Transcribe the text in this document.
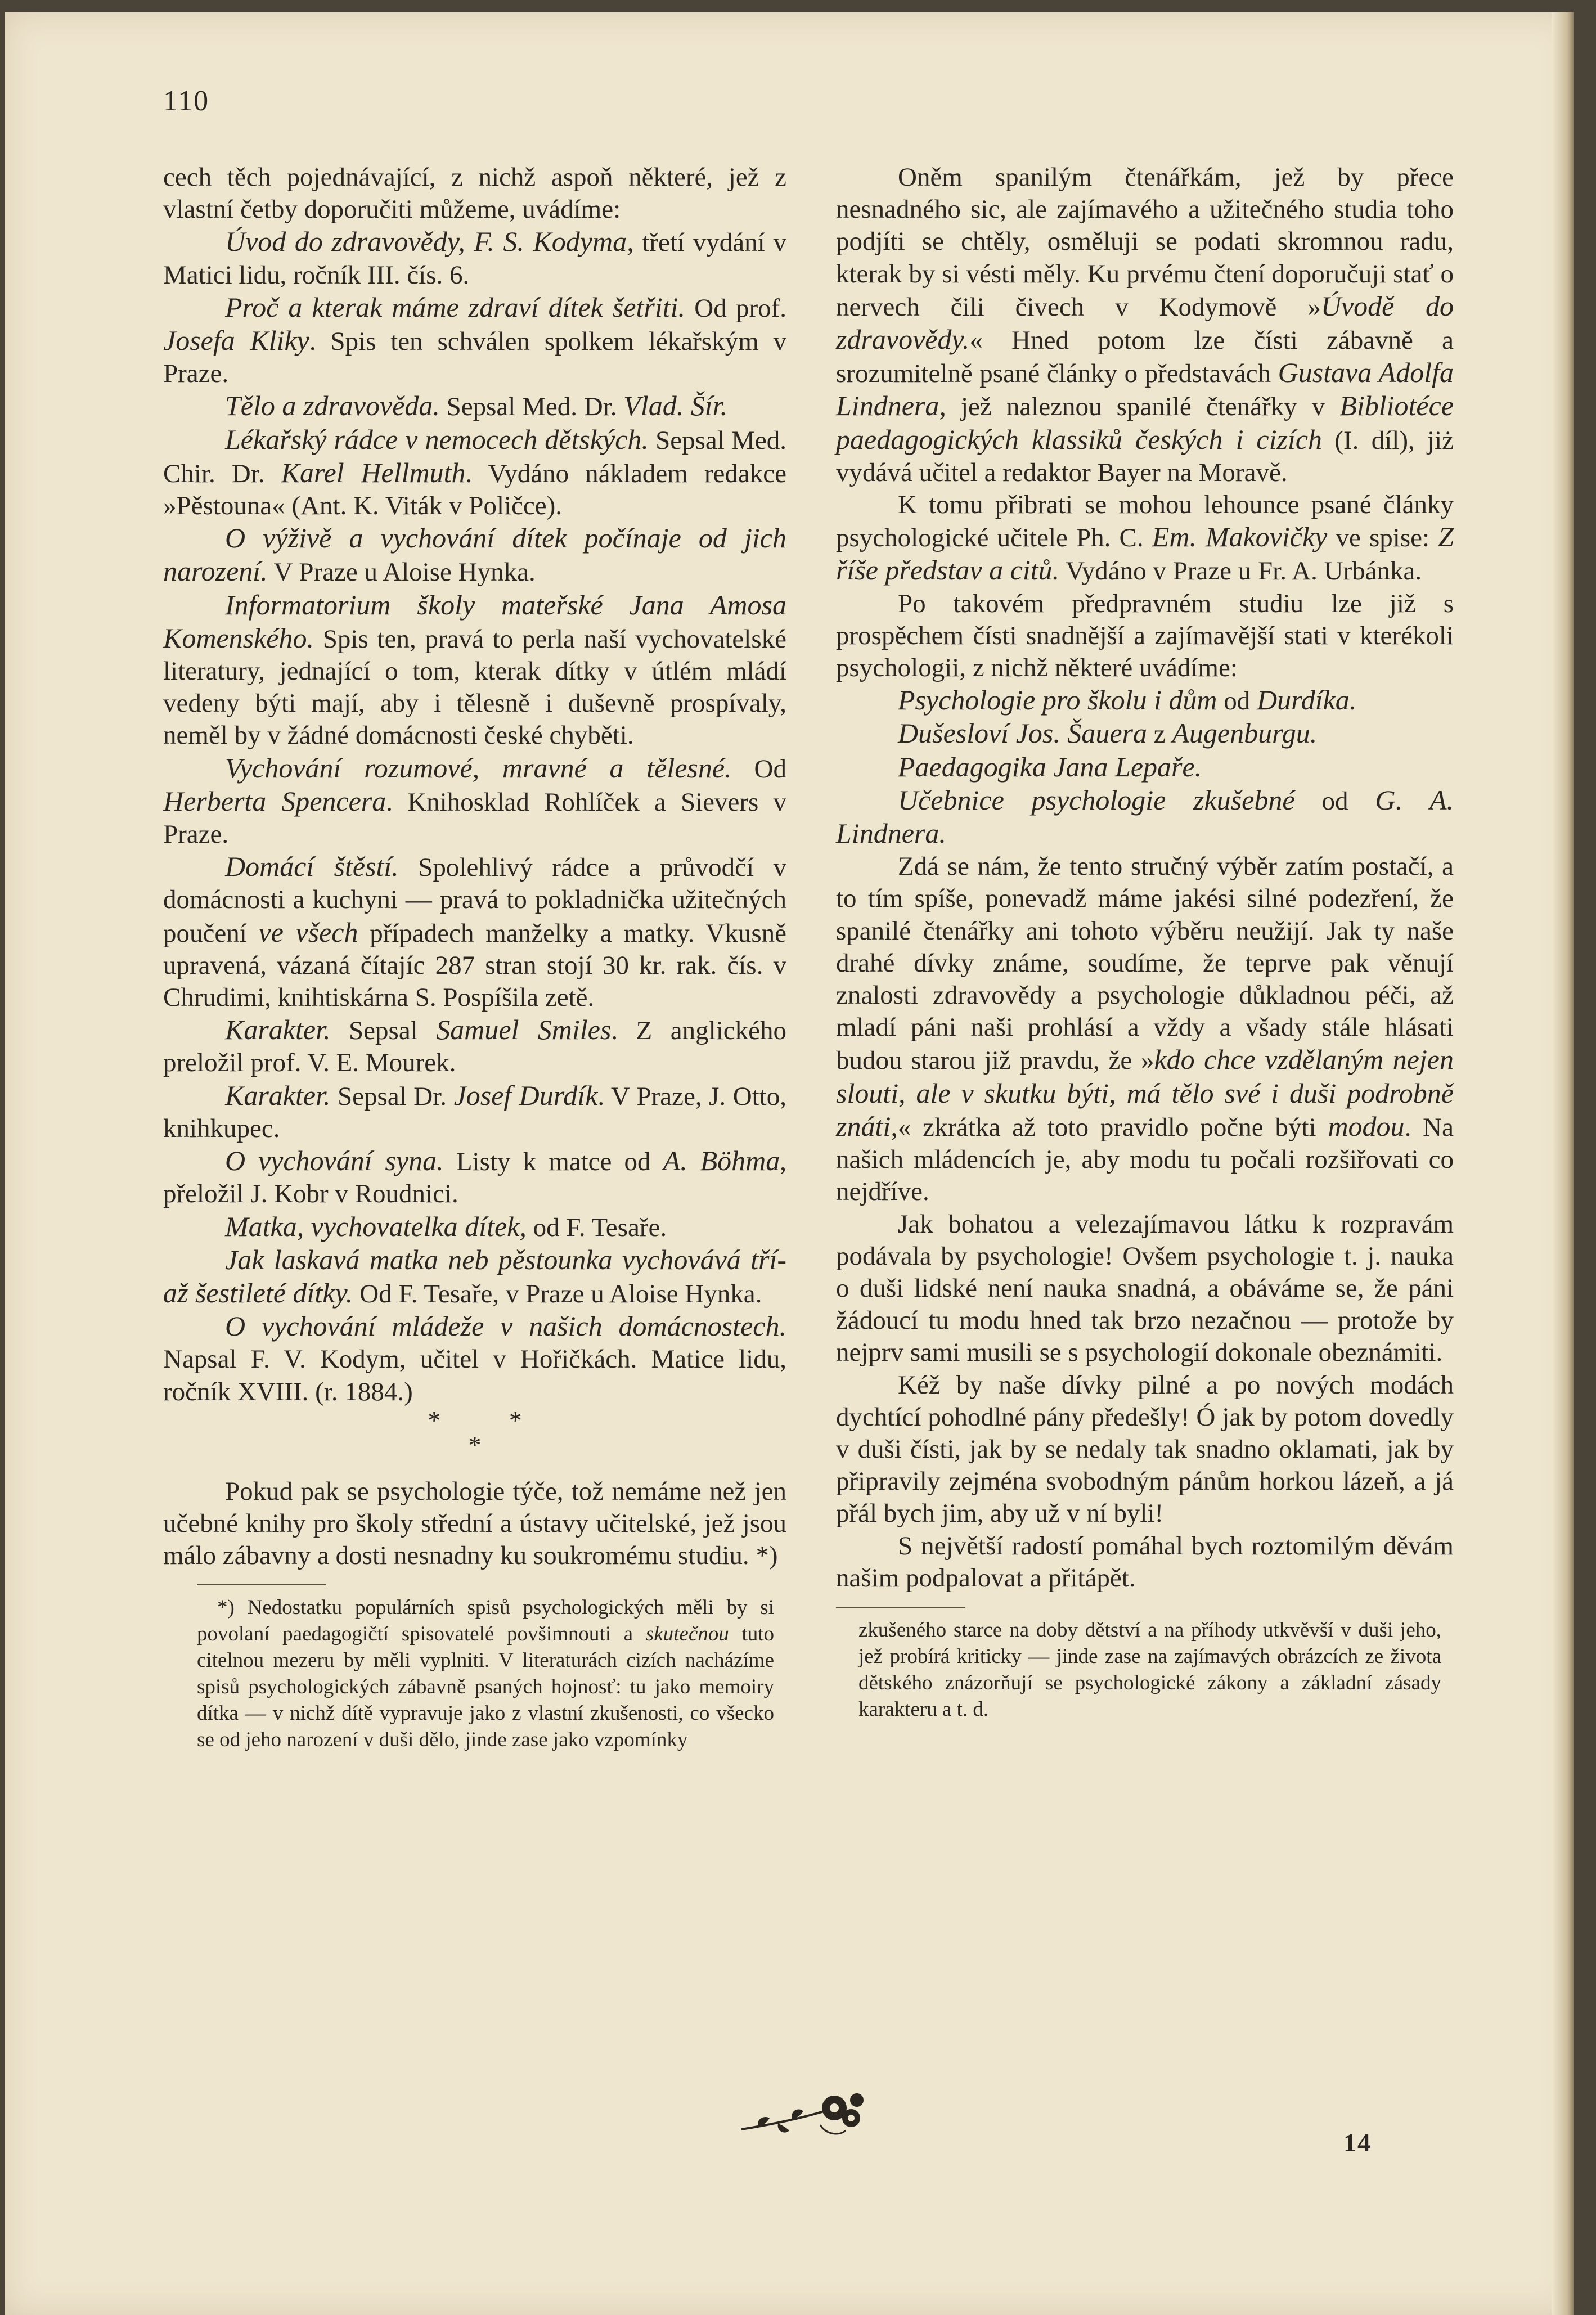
110

cech těch pojednávající, z nichž aspoň některé, jež z vlastní četby doporučiti můžeme, uvádíme:

Úvod do zdravovědy, F. S. Kodyma, třetí vydání v Matici lidu, ročník III. čís. 6.

Proč a kterak máme zdraví dítek šetřiti. Od prof. Josefa Kliky. Spis ten schválen spolkem lékařským v Praze.

Tělo a zdravověda. Sepsal Med. Dr. Vlad. Šír.

Lékařský rádce v nemocech dětských. Sepsal Med. Chir. Dr. Karel Hellmuth. Vydáno nákladem redakce »Pěstouna« (Ant. K. Viták v Poličce).

O výživě a vychování dítek počínaje od jich narození. V Praze u Aloise Hynka.

Informatorium školy mateřské Jana Amosa Komenského. Spis ten, pravá to perla naší vychovatelské literatury, jednající o tom, kterak dítky v útlém mládí vedeny býti mají, aby i tělesně i duševně prospívaly, neměl by v žádné domácnosti české chyběti.

Vychování rozumové, mravné a tělesné. Od Herberta Spencera. Knihosklad Rohlíček a Sievers v Praze.

Domácí štěstí. Spolehlivý rádce a průvodčí v domácnosti a kuchyni — pravá to pokladnička užitečných poučení ve všech případech manželky a matky. Vkusně upravená, vázaná čítajíc 287 stran stojí 30 kr. rak. čís. v Chrudimi, knihtiskárna S. Pospíšila zetě.

Karakter. Sepsal Samuel Smiles. Z anglického preložil prof. V. E. Mourek.

Karakter. Sepsal Dr. Josef Durdík. V Praze, J. Otto, knihkupec.

O vychování syna. Listy k matce od A. Böhma, přeložil J. Kobr v Roudnici.

Matka, vychovatelka dítek, od F. Tesaře.

Jak laskavá matka neb pěstounka vychovává tří- až šestileté dítky. Od F. Tesaře, v Praze u Aloise Hynka.

O vychování mládeže v našich domácnostech. Napsal F. V. Kodym, učitel v Hořičkách. Matice lidu, ročník XVIII. (r. 1884.)

* *
*

Pokud pak se psychologie týče, tož nemáme než jen učebné knihy pro školy střední a ústavy učitelské, jež jsou málo zábavny a dosti nesnadny ku soukromému studiu. *)

*) Nedostatku populárních spisů psychologických měli by si povolaní paedagogičtí spisovatelé povšimnouti a skutečnou tuto citelnou mezeru by měli vyplniti. V literaturách cizích nacházíme spisů psychologických zábavně psaných hojnosť: tu jako memoiry dítka — v nichž dítě vypravuje jako z vlastní zkušenosti, co všecko se od jeho narození v duši dělo, jinde zase jako vzpomínky

Oněm spanilým čtenářkám, jež by přece nesnadného sic, ale zajímavého a užitečného studia toho podjíti se chtěly, osměluji se podati skromnou radu, kterak by si vésti měly. Ku prvému čtení doporučuji stať o nervech čili čivech v Kodymově »Úvodě do zdravovědy.« Hned potom lze čísti zábavně a srozumitelně psané články o představách Gustava Adolfa Lindnera, jež naleznou spanilé čtenářky v Bibliotéce paedagogických klassiků českých i cizích (I. díl), jiż vydává učitel a redaktor Bayer na Moravě.

K tomu přibrati se mohou lehounce psané články psychologické učitele Ph. C. Em. Makovičky ve spise: Z říše představ a citů. Vydáno v Praze u Fr. A. Urbánka.

Po takovém předpravném studiu lze již s prospěchem čísti snadnější a zajímavější stati v kterékoli psychologii, z nichž některé uvádíme:

Psychologie pro školu i dům od Durdíka.

Dušesloví Jos. Šauera z Augenburgu.

Paedagogika Jana Lepaře.

Učebnice psychologie zkušebné od G. A. Lindnera.

Zdá se nám, že tento stručný výběr zatím postačí, a to tím spíše, ponevadž máme jakési silné podezření, že spanilé čtenářky ani tohoto výběru neužijí. Jak ty naše drahé dívky známe, soudíme, že teprve pak věnují znalosti zdravovědy a psychologie důkladnou péči, až mladí páni naši prohlásí a vždy a všady stále hlásati budou starou již pravdu, že »kdo chce vzdělaným nejen slouti, ale v skutku býti, má tělo své i duši podrobně znáti,« zkrátka až toto pravidlo počne býti modou. Na našich mládencích je, aby modu tu počali rozšiřovati co nejdříve.

Jak bohatou a velezajímavou látku k rozpravám podávala by psychologie! Ovšem psychologie t. j. nauka o duši lidské není nauka snadná, a obáváme se, že páni žádoucí tu modu hned tak brzo nezačnou — protože by nejprv sami musili se s psychologií dokonale obeznámiti.

Kéž by naše dívky pilné a po nových modách dychtící pohodlné pány předešly! Ó jak by potom dovedly v duši čísti, jak by se nedaly tak snadno oklamati, jak by připravily zejména svobodným pánům horkou lázeň, a já přál bych jim, aby už v ní byli!

S největší radostí pomáhal bych roztomilým děvám našim podpalovat a přitápět.

zkušeného starce na doby dětství a na příhody utkvěvší v duši jeho, jež probírá kriticky — jinde zase na zajímavých obrázcích ze života dětského znázorňují se psychologické zákony a základní zásady karakteru a t. d.

14
